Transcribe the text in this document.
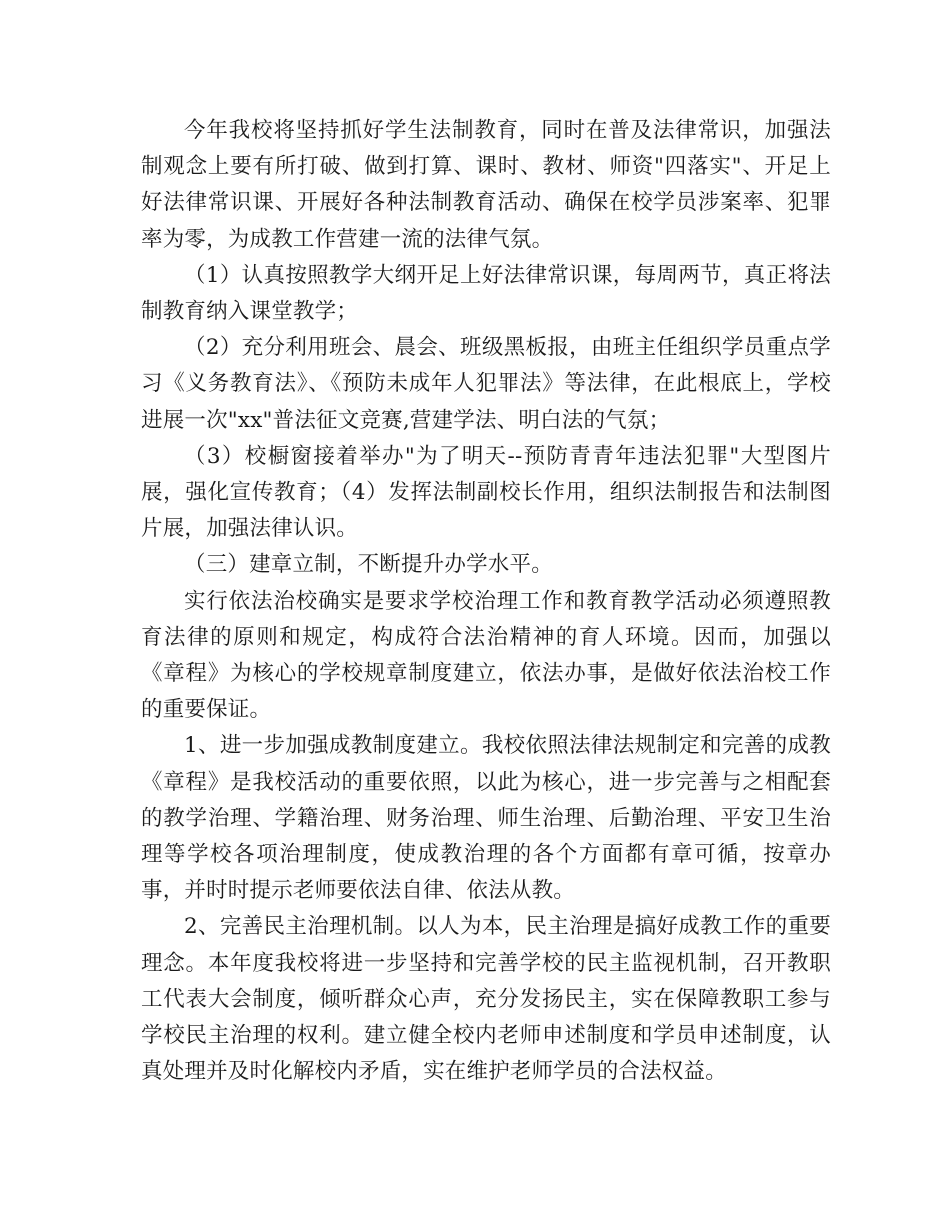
今年我校将坚持抓好学生法制教育，同时在普及法律常识，加强法制观念上要有所打破、做到打算、课时、教材、师资"四落实"、开足上好法律常识课、开展好各种法制教育活动、确保在校学员涉案率、犯罪率为零，为成教工作营建一流的法律气氛。

（1）认真按照教学大纲开足上好法律常识课，每周两节，真正将法制教育纳入课堂教学；

（2）充分利用班会、晨会、班级黑板报，由班主任组织学员重点学习《义务教育法》、《预防未成年人犯罪法》等法律，在此根底上，学校进展一次"xx"普法征文竞赛,营建学法、明白法的气氛；

（3）校橱窗接着举办"为了明天--预防青青年违法犯罪"大型图片展，强化宣传教育；（4）发挥法制副校长作用，组织法制报告和法制图片展，加强法律认识。

（三）建章立制，不断提升办学水平。

实行依法治校确实是要求学校治理工作和教育教学活动必须遵照教育法律的原则和规定，构成符合法治精神的育人环境。因而，加强以《章程》为核心的学校规章制度建立，依法办事，是做好依法治校工作的重要保证。

1、进一步加强成教制度建立。我校依照法律法规制定和完善的成教《章程》是我校活动的重要依照，以此为核心，进一步完善与之相配套的教学治理、学籍治理、财务治理、师生治理、后勤治理、平安卫生治理等学校各项治理制度，使成教治理的各个方面都有章可循，按章办事，并时时提示老师要依法自律、依法从教。

2、完善民主治理机制。以人为本，民主治理是搞好成教工作的重要理念。本年度我校将进一步坚持和完善学校的民主监视机制，召开教职工代表大会制度，倾听群众心声，充分发扬民主，实在保障教职工参与学校民主治理的权利。建立健全校内老师申述制度和学员申述制度，认真处理并及时化解校内矛盾，实在维护老师学员的合法权益。
